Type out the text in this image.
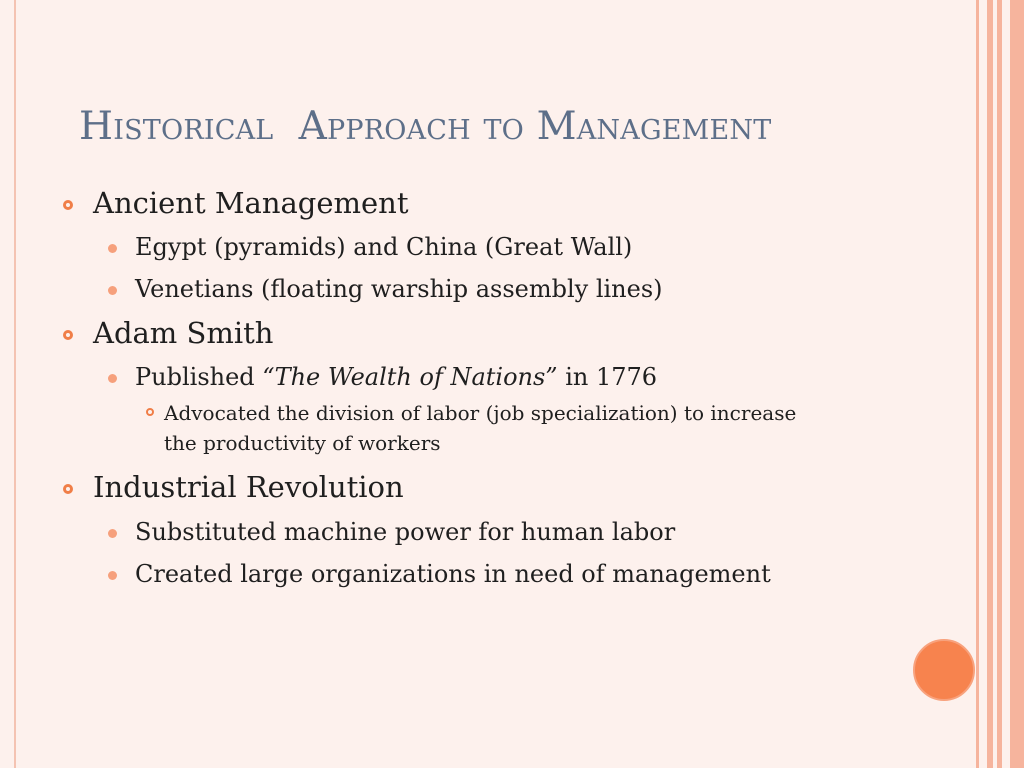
Historical  Approach to Management
Ancient Management
Egypt (pyramids) and China (Great Wall)
Venetians (floating warship assembly lines)
Adam Smith
Published “The Wealth of Nations” in 1776
Advocated the division of labor (job specialization) to increase the productivity of workers
Industrial Revolution
Substituted machine power for human labor
Created large organizations in need of management
